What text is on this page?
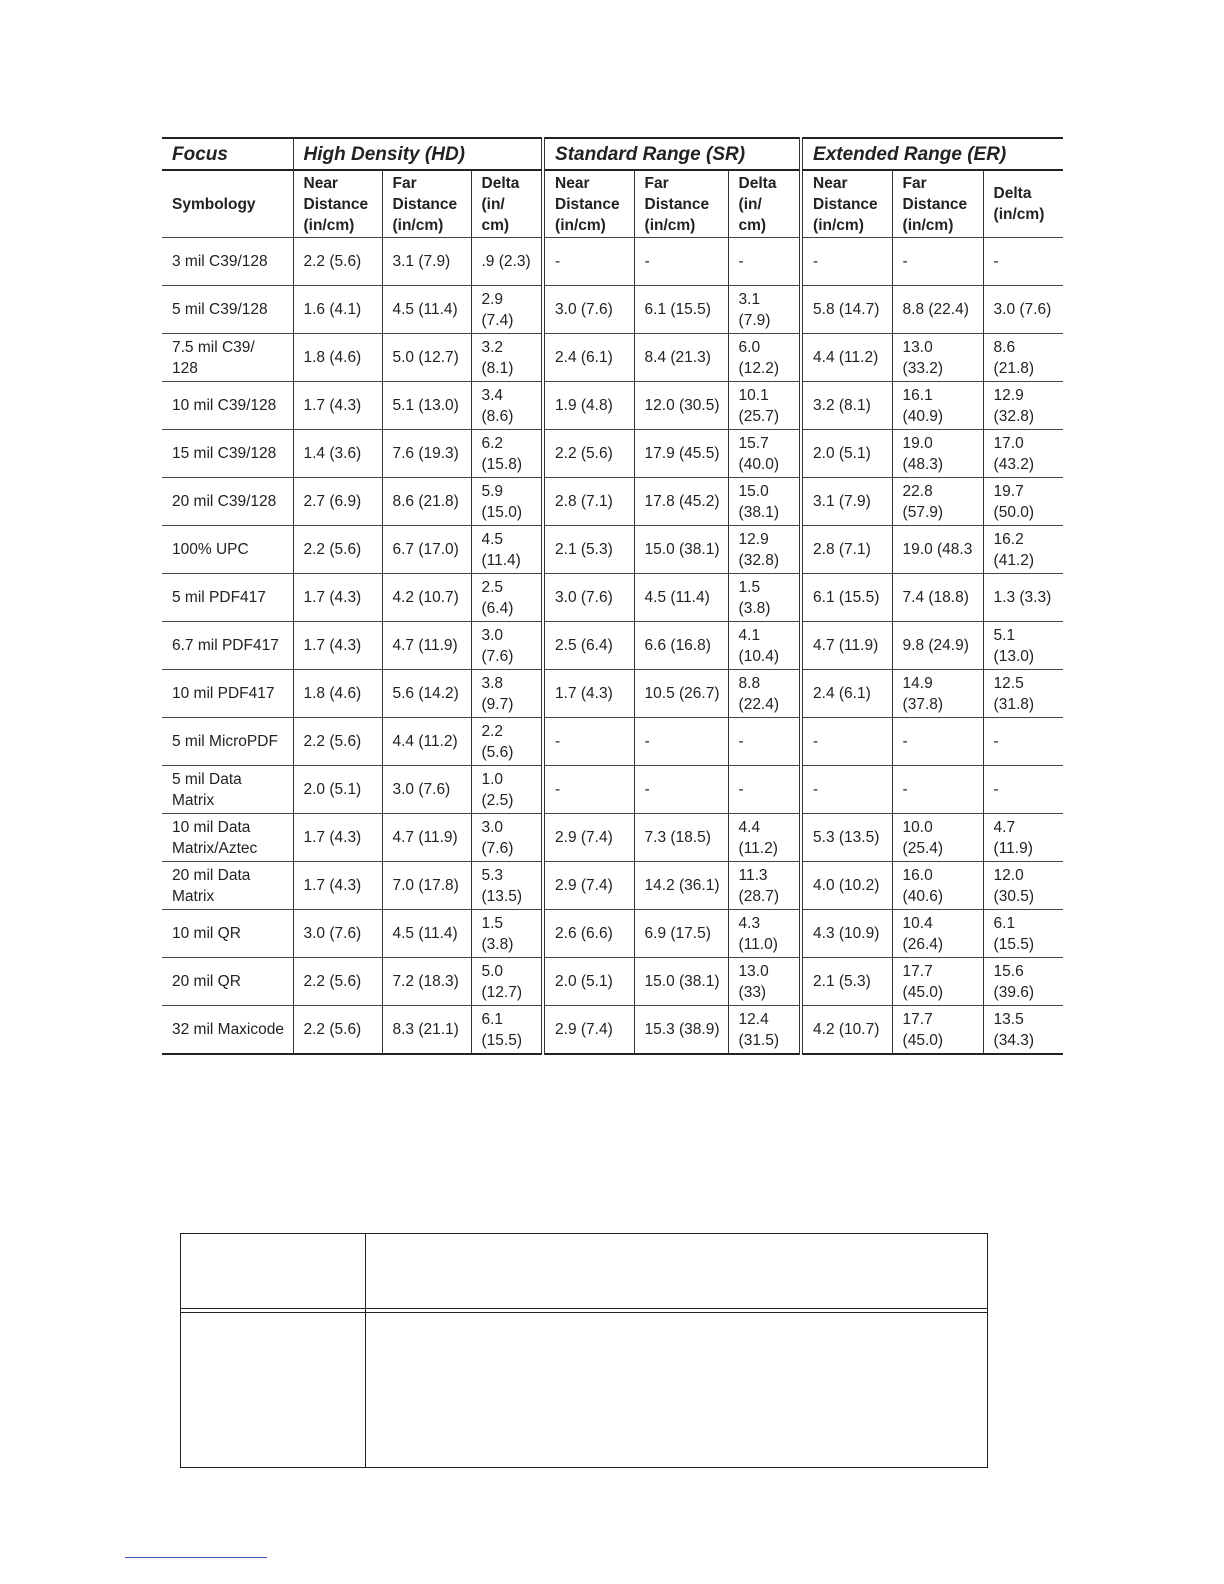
Focus	High Density (HD)			Standard Range (SR)			Extended Range (ER)		
Symbology	Near Distance (in/cm)	Far Distance (in/cm)	Delta (in/ cm)	Near Distance (in/cm)	Far Distance (in/cm)	Delta (in/ cm)	Near Distance (in/cm)	Far Distance (in/cm)	Delta (in/cm)
3 mil C39/128	2.2 (5.6)	3.1 (7.9)	.9 (2.3)	-	-	-	-	-	-
5 mil C39/128	1.6 (4.1)	4.5 (11.4)	2.9 (7.4)	3.0 (7.6)	6.1 (15.5)	3.1 (7.9)	5.8 (14.7)	8.8 (22.4)	3.0 (7.6)
7.5 mil C39/ 128	1.8 (4.6)	5.0 (12.7)	3.2 (8.1)	2.4 (6.1)	8.4 (21.3)	6.0 (12.2)	4.4 (11.2)	13.0 (33.2)	8.6 (21.8)
10 mil C39/128	1.7 (4.3)	5.1 (13.0)	3.4 (8.6)	1.9 (4.8)	12.0 (30.5)	10.1 (25.7)	3.2 (8.1)	16.1 (40.9)	12.9 (32.8)
15 mil C39/128	1.4 (3.6)	7.6 (19.3)	6.2 (15.8)	2.2 (5.6)	17.9 (45.5)	15.7 (40.0)	2.0 (5.1)	19.0 (48.3)	17.0 (43.2)
20 mil C39/128	2.7 (6.9)	8.6 (21.8)	5.9 (15.0)	2.8 (7.1)	17.8 (45.2)	15.0 (38.1)	3.1 (7.9)	22.8 (57.9)	19.7 (50.0)
100% UPC	2.2 (5.6)	6.7 (17.0)	4.5 (11.4)	2.1 (5.3)	15.0 (38.1)	12.9 (32.8)	2.8 (7.1)	19.0 (48.3	16.2 (41.2)
5 mil PDF417	1.7 (4.3)	4.2 (10.7)	2.5 (6.4)	3.0 (7.6)	4.5 (11.4)	1.5 (3.8)	6.1 (15.5)	7.4 (18.8)	1.3 (3.3)
6.7 mil PDF417	1.7 (4.3)	4.7 (11.9)	3.0 (7.6)	2.5 (6.4)	6.6 (16.8)	4.1 (10.4)	4.7 (11.9)	9.8 (24.9)	5.1 (13.0)
10 mil PDF417	1.8 (4.6)	5.6 (14.2)	3.8 (9.7)	1.7 (4.3)	10.5 (26.7)	8.8 (22.4)	2.4 (6.1)	14.9 (37.8)	12.5 (31.8)
5 mil MicroPDF	2.2 (5.6)	4.4 (11.2)	2.2 (5.6)	-	-	-	-	-	-
5 mil Data Matrix	2.0 (5.1)	3.0 (7.6)	1.0 (2.5)	-	-	-	-	-	-
10 mil Data Matrix/Aztec	1.7 (4.3)	4.7 (11.9)	3.0 (7.6)	2.9 (7.4)	7.3 (18.5)	4.4 (11.2)	5.3 (13.5)	10.0 (25.4)	4.7 (11.9)
20 mil Data Matrix	1.7 (4.3)	7.0 (17.8)	5.3 (13.5)	2.9 (7.4)	14.2 (36.1)	11.3 (28.7)	4.0 (10.2)	16.0 (40.6)	12.0 (30.5)
10 mil QR	3.0 (7.6)	4.5 (11.4)	1.5 (3.8)	2.6 (6.6)	6.9 (17.5)	4.3 (11.0)	4.3 (10.9)	10.4 (26.4)	6.1 (15.5)
20 mil QR	2.2 (5.6)	7.2 (18.3)	5.0 (12.7)	2.0 (5.1)	15.0 (38.1)	13.0 (33)	2.1 (5.3)	17.7 (45.0)	15.6 (39.6)
32 mil Maxicode	2.2 (5.6)	8.3 (21.1)	6.1 (15.5)	2.9 (7.4)	15.3 (38.9)	12.4 (31.5)	4.2 (10.7)	17.7 (45.0)	13.5 (34.3)
